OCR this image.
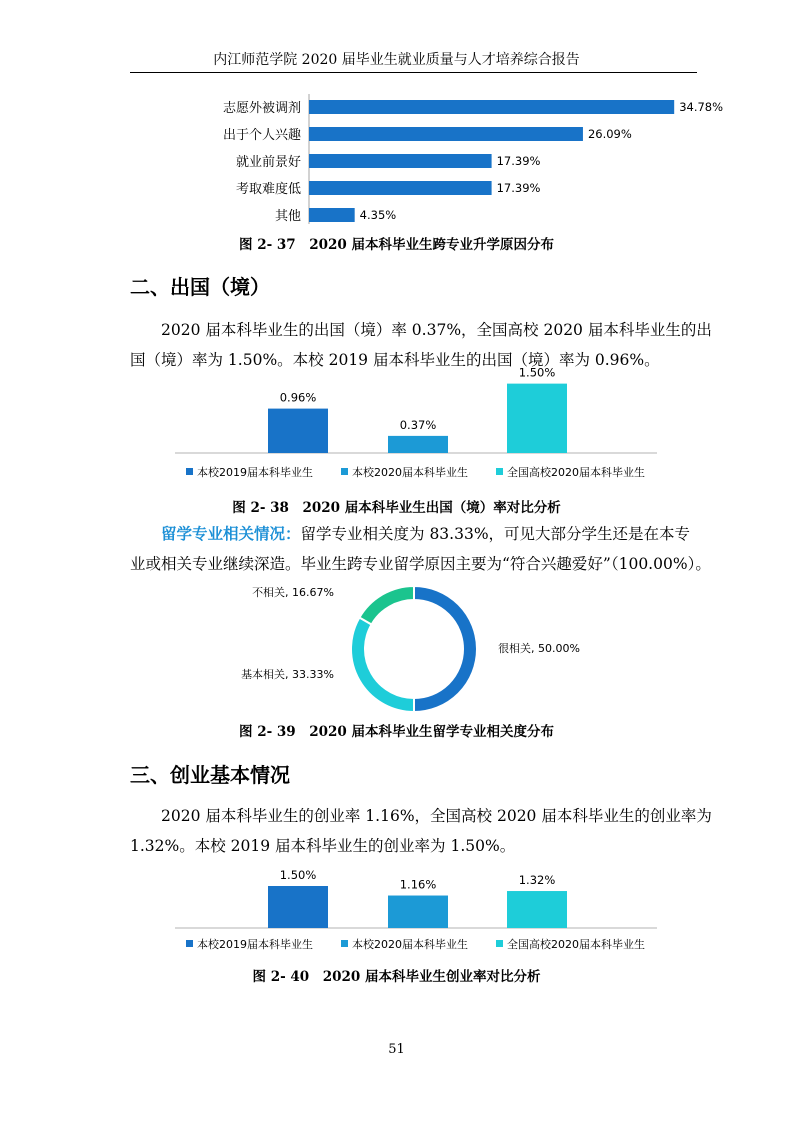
内江师范学院 2020 届毕业生就业质量与人才培养综合报告
志愿外被调剂	34.78%
出于个人兴趣	26.09%
就业前景好	17.39%
考取难度低	17.39%
其他	4.35%
图 2- 37　2020 届本科毕业生跨专业升学原因分布
二、出国（境）
2020 届本科毕业生的出国（境）率 0.37%，全国高校 2020 届本科毕业生的出
国（境）率为 1.50%。本校 2019 届本科毕业生的出国（境）率为 0.96%。
0.96%
0.37%
1.50%
本校2019届本科毕业生	本校2020届本科毕业生	全国高校2020届本科毕业生
图 2- 38　2020 届本科毕业生出国（境）率对比分析
留学专业相关情况：留学专业相关度为 83.33%，可见大部分学生还是在本专
业或相关专业继续深造。毕业生跨专业留学原因主要为“符合兴趣爱好”（100.00%）。
很相关, 50.00%
基本相关, 33.33%
不相关, 16.67%
图 2- 39　2020 届本科毕业生留学专业相关度分布
三、创业基本情况
2020 届本科毕业生的创业率 1.16%，全国高校 2020 届本科毕业生的创业率为
1.32%。本校 2019 届本科毕业生的创业率为 1.50%。
1.50%
1.16%	1.32%
本校2019届本科毕业生	本校2020届本科毕业生	全国高校2020届本科毕业生
图 2- 40　2020 届本科毕业生创业率对比分析
51
